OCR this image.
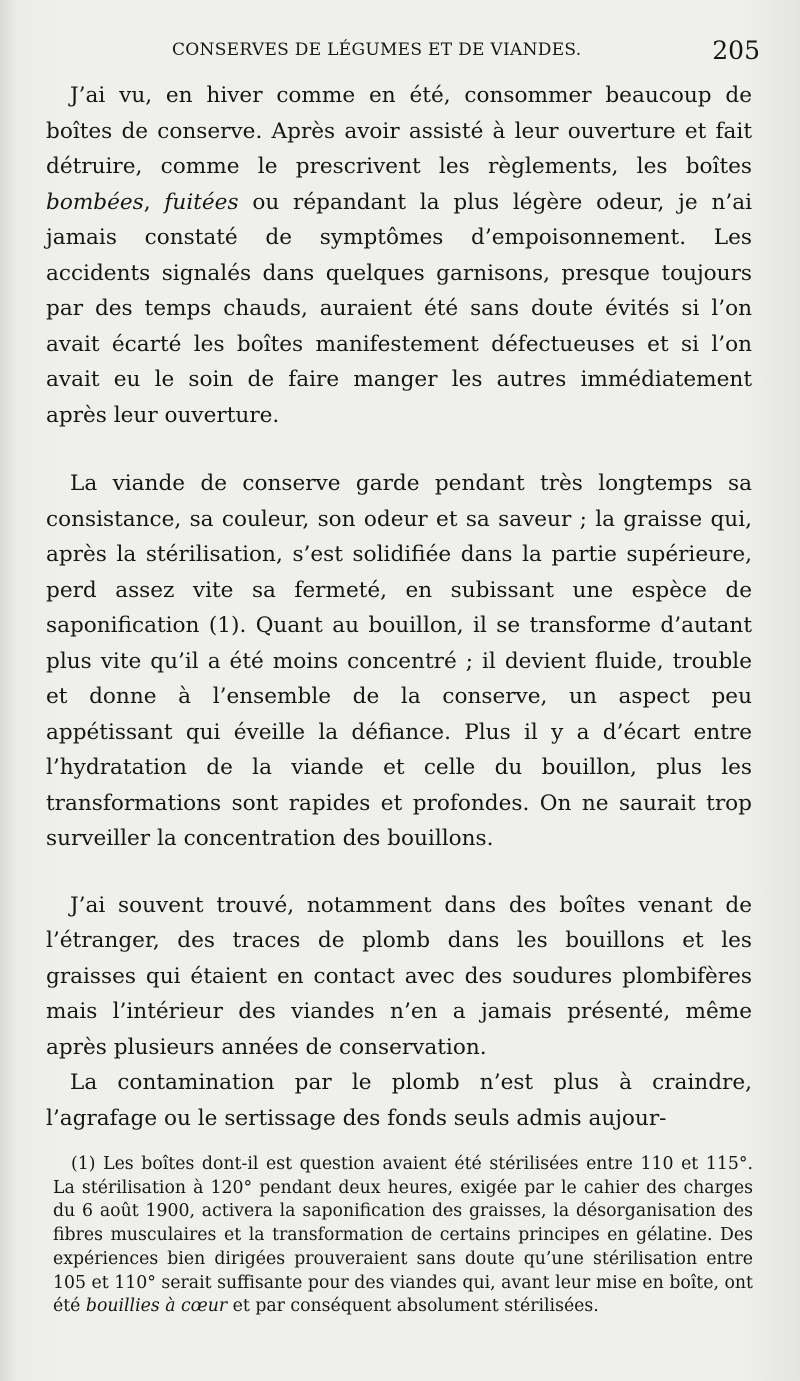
CONSERVES DE LÉGUMES ET DE VIANDES.	205

J’ai vu, en hiver comme en été, consommer beaucoup de boîtes de conserve. Après avoir assisté à leur ouverture et fait détruire, comme le prescrivent les règlements, les boîtes bombées, fuitées ou répandant la plus légère odeur, je n’ai jamais constaté de symptômes d’empoisonnement. Les accidents signalés dans quelques garnisons, presque toujours par des temps chauds, auraient été sans doute évités si l’on avait écarté les boîtes manifestement défectueuses et si l’on avait eu le soin de faire manger les autres immédiatement après leur ouverture.

La viande de conserve garde pendant très longtemps sa consistance, sa couleur, son odeur et sa saveur ; la graisse qui, après la stérilisation, s’est solidifiée dans la partie supérieure, perd assez vite sa fermeté, en subissant une espèce de saponification (1). Quant au bouillon, il se transforme d’autant plus vite qu’il a été moins concentré ; il devient fluide, trouble et donne à l’ensemble de la conserve, un aspect peu appétissant qui éveille la défiance. Plus il y a d’écart entre l’hydratation de la viande et celle du bouillon, plus les transformations sont rapides et profondes. On ne saurait trop surveiller la concentration des bouillons.

J’ai souvent trouvé, notamment dans des boîtes venant de l’étranger, des traces de plomb dans les bouillons et les graisses qui étaient en contact avec des soudures plombifères mais l’intérieur des viandes n’en a jamais présenté, même après plusieurs années de conservation.

La contamination par le plomb n’est plus à craindre, l’agrafage ou le sertissage des fonds seuls admis aujour-

(1) Les boîtes dont-il est question avaient été stérilisées entre 110 et 115°. La stérilisation à 120° pendant deux heures, exigée par le cahier des charges du 6 août 1900, activera la saponification des graisses, la désorganisation des fibres musculaires et la transformation de certains principes en gélatine. Des expériences bien dirigées prouveraient sans doute qu’une stérilisation entre 105 et 110° serait suffisante pour des viandes qui, avant leur mise en boîte, ont été bouillies à cœur et par conséquent absolument stérilisées.
